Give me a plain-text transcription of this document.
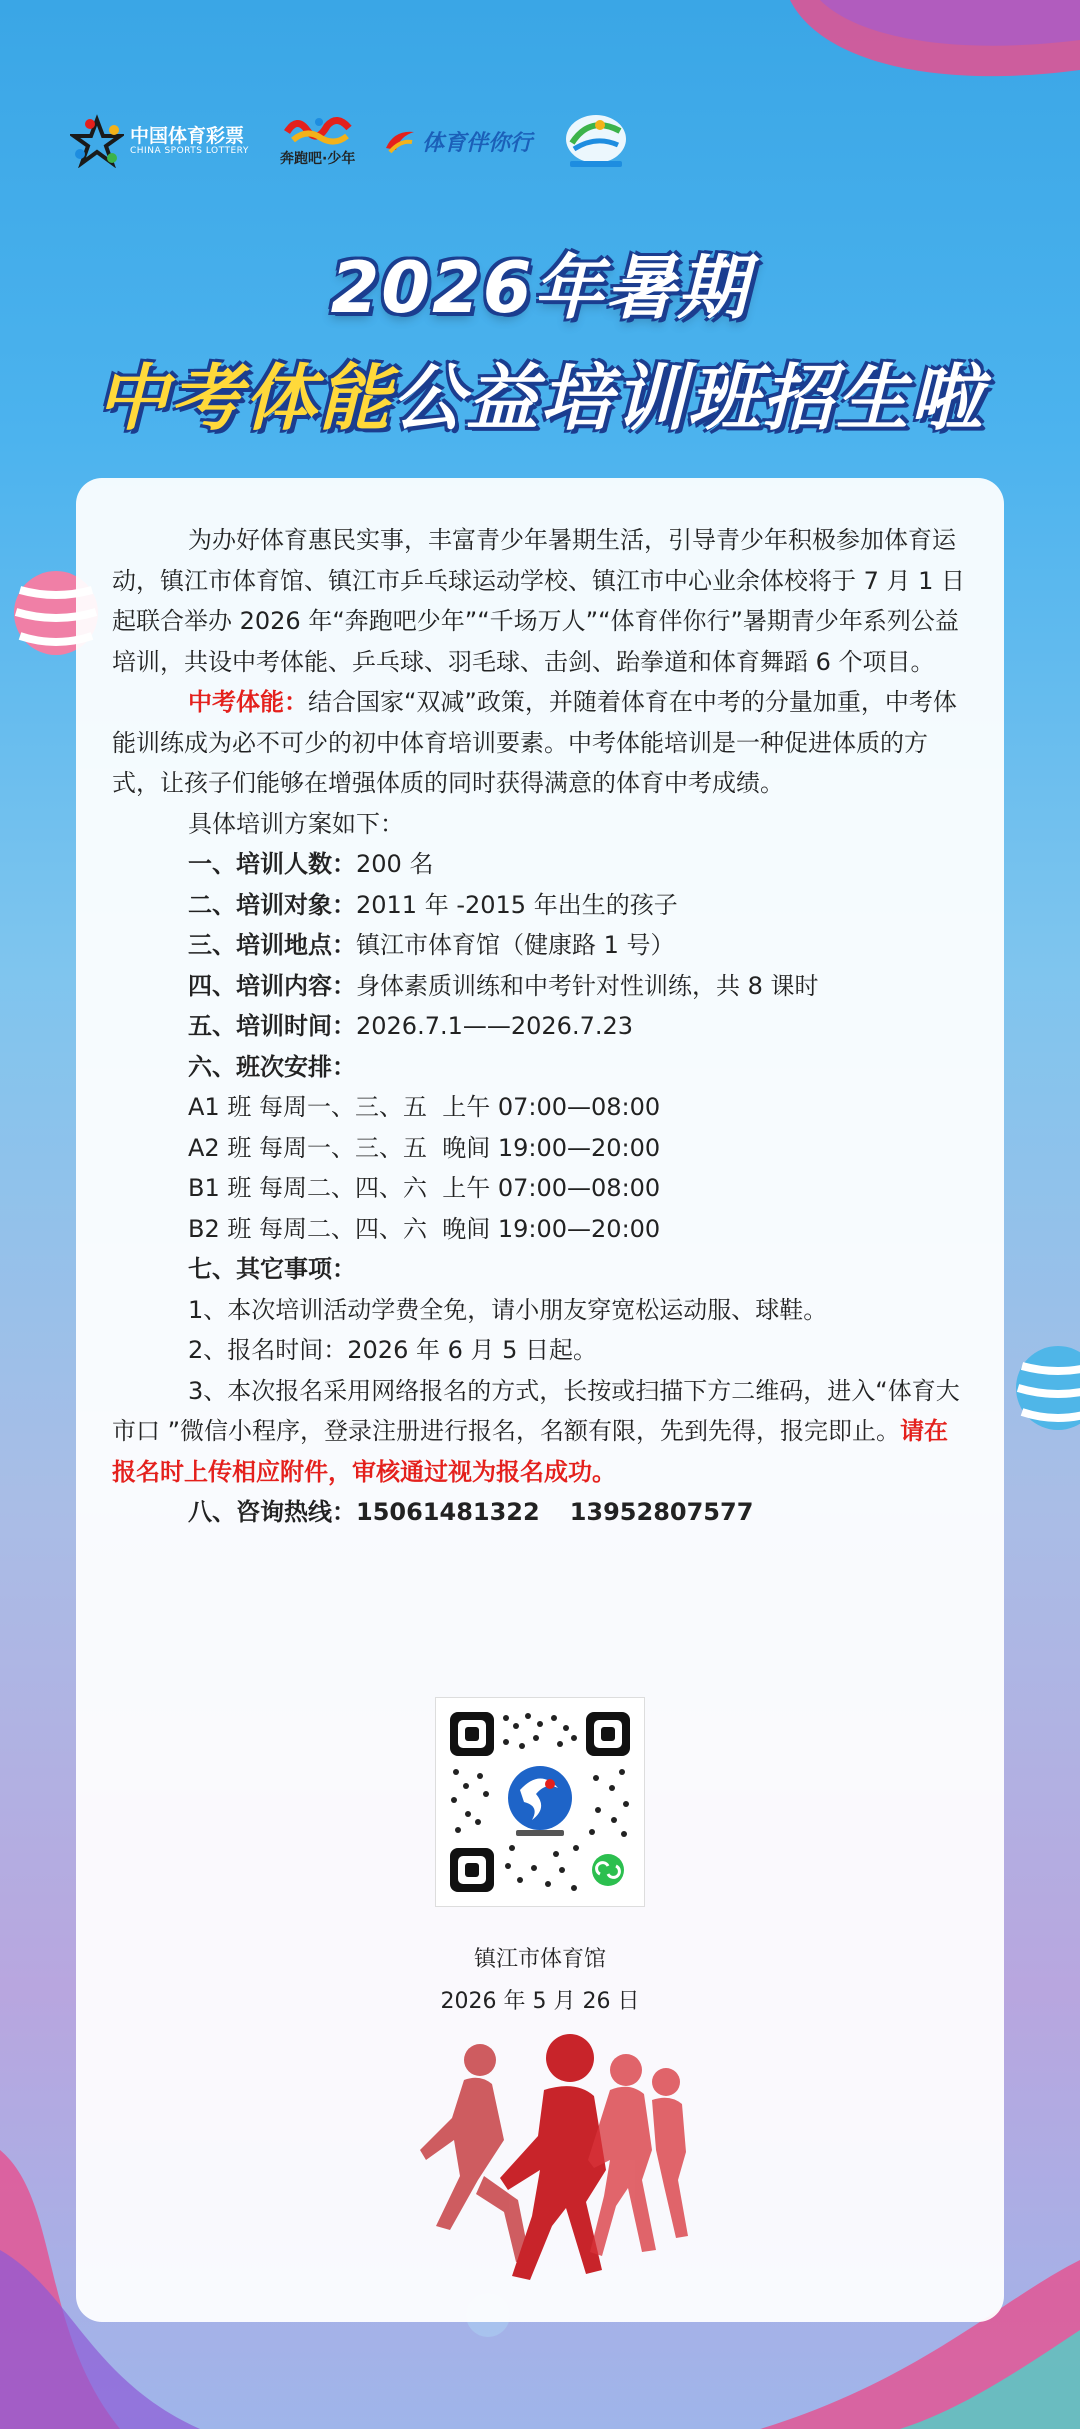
中国体育彩票
CHINA SPORTS LOTTERY 奔跑吧·少年
体育伴你行
2026年暑期
中考体能公益培训班招生啦

为办好体育惠民实事，丰富青少年暑期生活，引导青少年积极参加体育运动，镇江市体育馆、镇江市乒乓球运动学校、镇江市中心业余体校将于 7 月 1 日起联合举办 2026 年“奔跑吧少年”“千场万人”“体育伴你行”暑期青少年系列公益培训，共设中考体能、乒乓球、羽毛球、击剑、跆拳道和体育舞蹈 6 个项目。

中考体能：结合国家“双减”政策，并随着体育在中考的分量加重，中考体能训练成为必不可少的初中体育培训要素。中考体能培训是一种促进体质的方式，让孩子们能够在增强体质的同时获得满意的体育中考成绩。

具体培训方案如下：

一、培训人数：200 名

二、培训对象：2011 年 -2015 年出生的孩子

三、培训地点：镇江市体育馆（健康路 1 号）

四、培训内容：身体素质训练和中考针对性训练，共 8 课时

五、培训时间：2026.7.1——2026.7.23

六、班次安排：

A1 班 每周一、三、五  上午 07:00—08:00

A2 班 每周一、三、五  晚间 19:00—20:00

B1 班 每周二、四、六  上午 07:00—08:00

B2 班 每周二、四、六  晚间 19:00—20:00

七、其它事项：

1、本次培训活动学费全免，请小朋友穿宽松运动服、球鞋。

2、报名时间：2026 年 6 月 5 日起。

3、本次报名采用网络报名的方式，长按或扫描下方二维码，进入“体育大市口 ”微信小程序，登录注册进行报名，名额有限，先到先得，报完即止。请在报名时上传相应附件，审核通过视为报名成功。

八、咨询热线：15061481322 13952807577

镇江市体育馆
2026 年 5 月 26 日
